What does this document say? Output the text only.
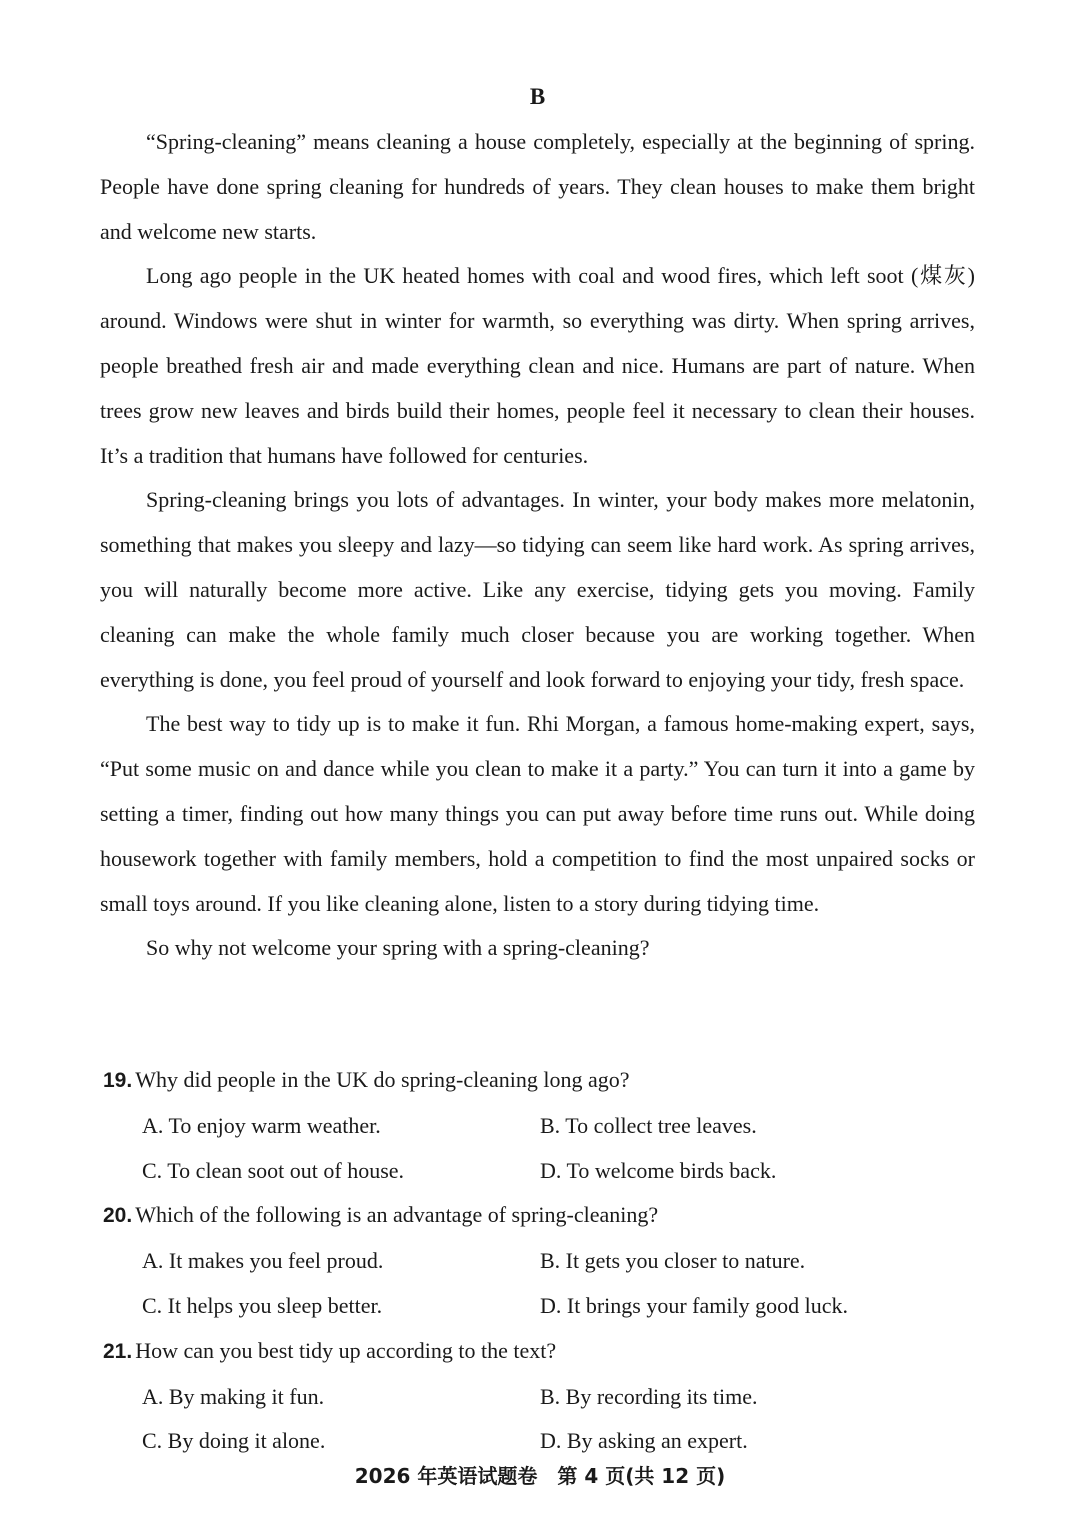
B

“Spring-cleaning” means cleaning a house completely, especially at the beginning of spring. People have done spring cleaning for hundreds of years. They clean houses to make them bright and welcome new starts.

Long ago people in the UK heated homes with coal and wood fires, which left soot (煤灰) around. Windows were shut in winter for warmth, so everything was dirty. When spring arrives, people breathed fresh air and made everything clean and nice. Humans are part of nature. When trees grow new leaves and birds build their homes, people feel it necessary to clean their houses. It’s a tradition that humans have followed for centuries.

Spring-cleaning brings you lots of advantages. In winter, your body makes more melatonin, something that makes you sleepy and lazy—so tidying can seem like hard work. As spring arrives, you will naturally become more active. Like any exercise, tidying gets you moving. Family cleaning can make the whole family much closer because you are working together. When everything is done, you feel proud of yourself and look forward to enjoying your tidy, fresh space.

The best way to tidy up is to make it fun. Rhi Morgan, a famous home-making expert, says, “Put some music on and dance while you clean to make it a party.” You can turn it into a game by setting a timer, finding out how many things you can put away before time runs out. While doing housework together with family members, hold a competition to find the most unpaired socks or small toys around. If you like cleaning alone, listen to a story during tidying time.

So why not welcome your spring with a spring-cleaning?

19. Why did people in the UK do spring-cleaning long ago?
A. To enjoy warm weather.	B. To collect tree leaves.
C. To clean soot out of house.	D. To welcome birds back.
20. Which of the following is an advantage of spring-cleaning?
A. It makes you feel proud.	B. It gets you closer to nature.
C. It helps you sleep better.	D. It brings your family good luck.
21. How can you best tidy up according to the text?
A. By making it fun.	B. By recording its time.
C. By doing it alone.	D. By asking an expert.
2026 年英语试题卷　第 4 页(共 12 页)
